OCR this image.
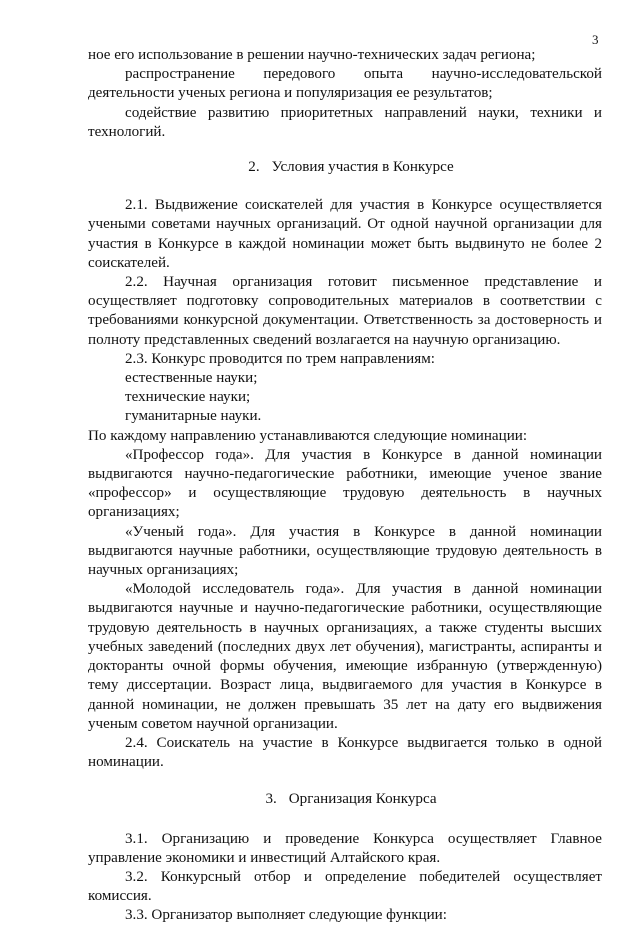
3

ное его использование в решении научно-технических задач региона;

распространение передового опыта научно-исследовательской деятельности ученых региона и популяризация ее результатов;

содействие развитию приоритетных направлений науки, техники и технологий.

2. Условия участия в Конкурсе

2.1. Выдвижение соискателей для участия в Конкурсе осуществляется учеными советами научных организаций. От одной научной организации для участия в Конкурсе в каждой номинации может быть выдвинуто не более 2 соискателей.

2.2. Научная организация готовит письменное представление и осуществляет подготовку сопроводительных материалов в соответствии с требованиями конкурсной документации. Ответственность за достоверность и полноту представленных сведений возлагается на научную организацию.

2.3. Конкурс проводится по трем направлениям:

естественные науки;

технические науки;

гуманитарные науки.

По каждому направлению устанавливаются следующие номинации:

«Профессор года». Для участия в Конкурсе в данной номинации выдвигаются научно-педагогические работники, имеющие ученое звание «профессор» и осуществляющие трудовую деятельность в научных организациях;

«Ученый года». Для участия в Конкурсе в данной номинации выдвигаются научные работники, осуществляющие трудовую деятельность в научных организациях;

«Молодой исследователь года». Для участия в данной номинации выдвигаются научные и научно-педагогические работники, осуществляющие трудовую деятельность в научных организациях, а также студенты высших учебных заведений (последних двух лет обучения), магистранты, аспиранты и докторанты очной формы обучения, имеющие избранную (утвержденную) тему диссертации. Возраст лица, выдвигаемого для участия в Конкурсе в данной номинации, не должен превышать 35 лет на дату его выдвижения ученым советом научной организации.

2.4. Соискатель на участие в Конкурсе выдвигается только в одной номинации.

3. Организация Конкурса

3.1. Организацию и проведение Конкурса осуществляет Главное управление экономики и инвестиций Алтайского края.

3.2. Конкурсный отбор и определение победителей осуществляет комиссия.

3.3. Организатор выполняет следующие функции:
